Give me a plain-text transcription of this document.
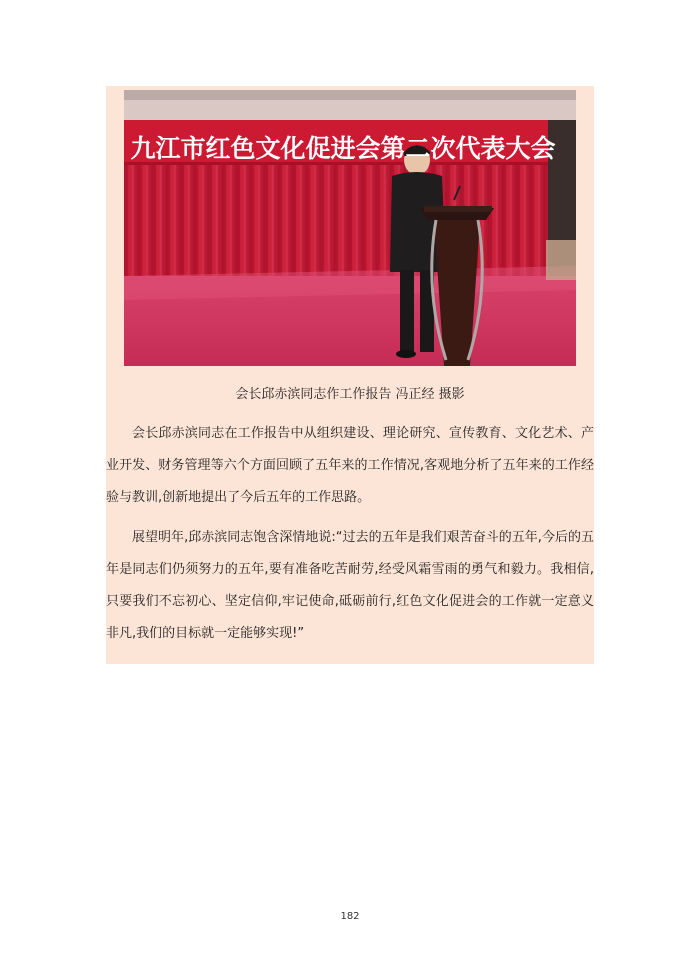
九江市红色文化促进会第二次代表大会
会长邱赤滨同志作工作报告 冯正经 摄影

会长邱赤滨同志在工作报告中从组织建设、理论研究、宣传教育、文化艺术、产业开发、财务管理等六个方面回顾了五年来的工作情况,客观地分析了五年来的工作经验与教训,创新地提出了今后五年的工作思路。

展望明年,邱赤滨同志饱含深情地说:“过去的五年是我们艰苦奋斗的五年,今后的五年是同志们仍须努力的五年,要有准备吃苦耐劳,经受风霜雪雨的勇气和毅力。我相信,只要我们不忘初心、坚定信仰,牢记使命,砥砺前行,红色文化促进会的工作就一定意义非凡,我们的目标就一定能够实现!”

182
